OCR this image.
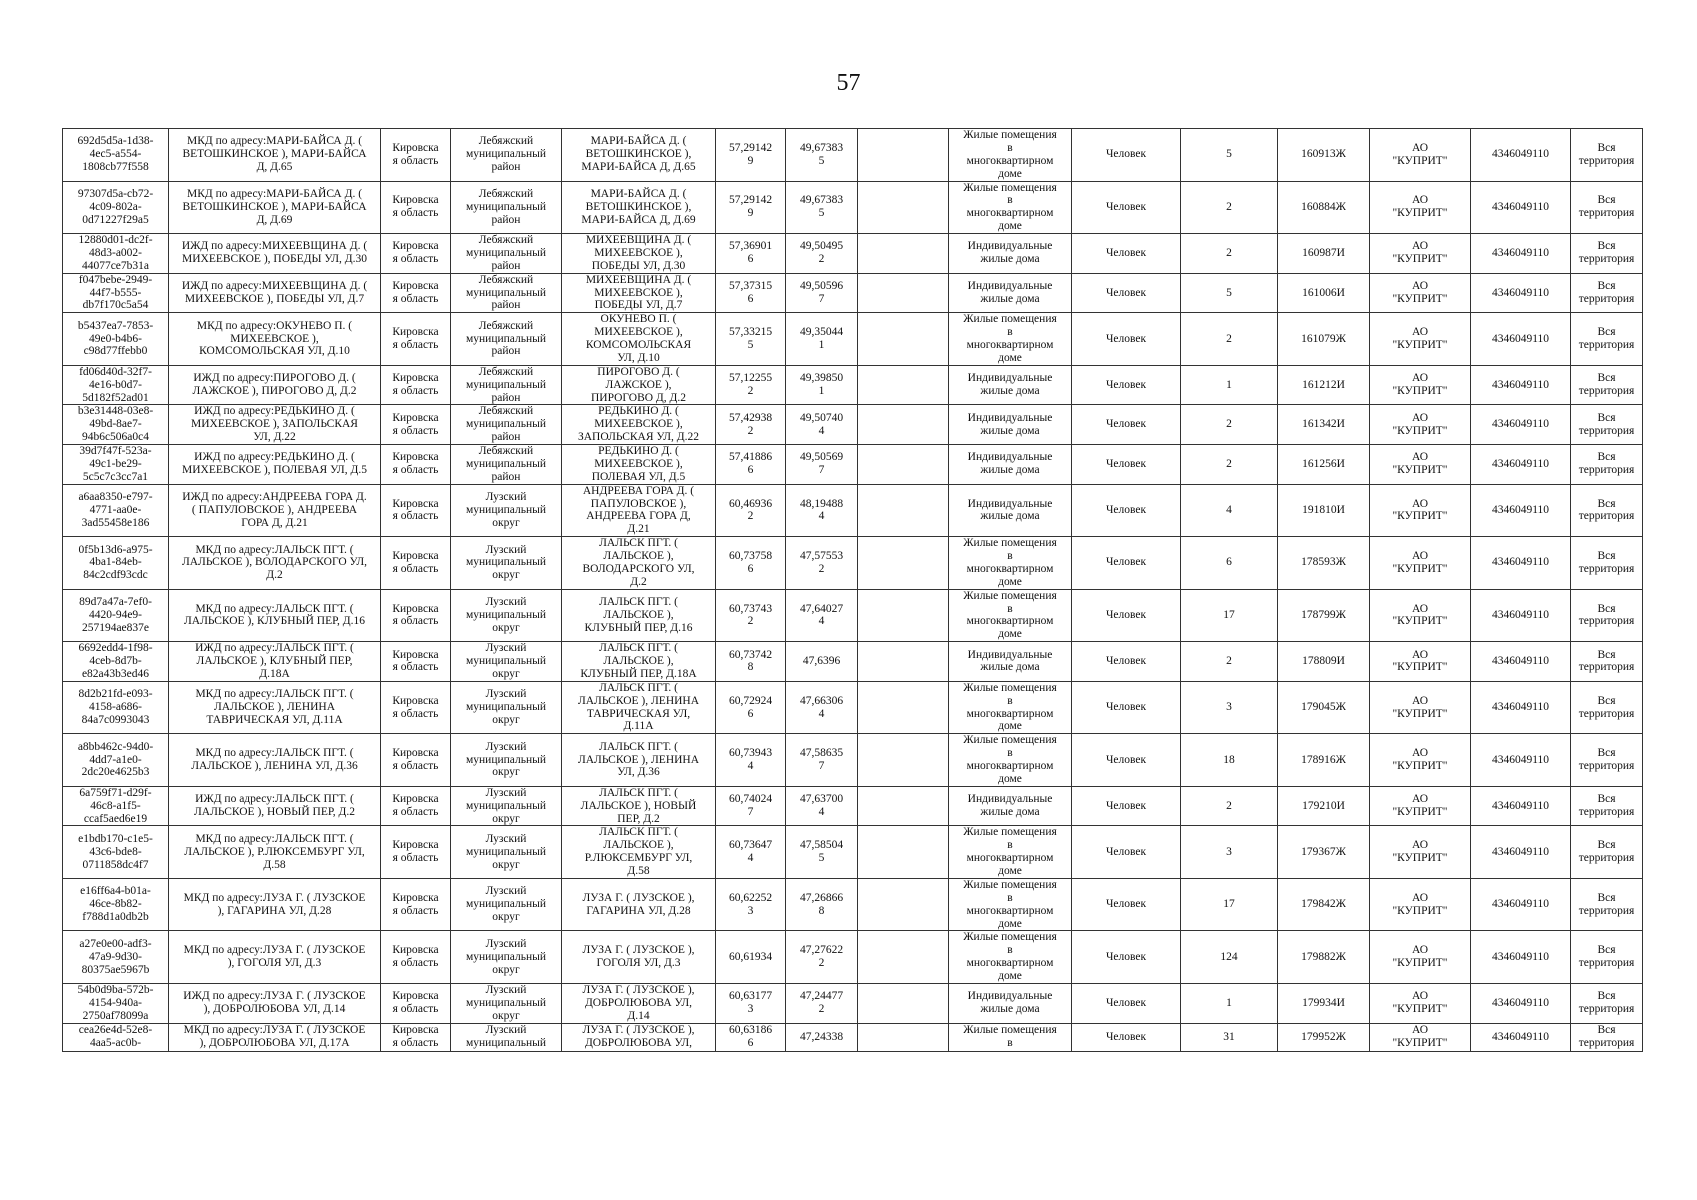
57
692d5d5a-1d38-
4ec5-a554-
1808cb77f558	МКД по адресу:МАРИ-БАЙСА Д. (
ВЕТОШКИНСКОЕ ), МАРИ-БАЙСА
Д, Д.65	Кировска
я область	Лебяжский
муниципальный
район	МАРИ-БАЙСА Д. (
ВЕТОШКИНСКОЕ ),
МАРИ-БАЙСА Д, Д.65	57,29142
9	49,67383
5		Жилые помещения
в
многоквартирном
доме	Человек	5	160913Ж	АО
"КУПРИТ"	4346049110	Вся
территория
97307d5a-cb72-
4c09-802a-
0d71227f29a5	МКД по адресу:МАРИ-БАЙСА Д. (
ВЕТОШКИНСКОЕ ), МАРИ-БАЙСА
Д, Д.69	Кировска
я область	Лебяжский
муниципальный
район	МАРИ-БАЙСА Д. (
ВЕТОШКИНСКОЕ ),
МАРИ-БАЙСА Д, Д.69	57,29142
9	49,67383
5		Жилые помещения
в
многоквартирном
доме	Человек	2	160884Ж	АО
"КУПРИТ"	4346049110	Вся
территория
12880d01-dc2f-
48d3-a002-
44077ce7b31a	ИЖД по адресу:МИХЕЕВЩИНА Д. (
МИХЕЕВСКОЕ ), ПОБЕДЫ УЛ, Д.30	Кировска
я область	Лебяжский
муниципальный
район	МИХЕЕВЩИНА Д. (
МИХЕЕВСКОЕ ),
ПОБЕДЫ УЛ, Д.30	57,36901
6	49,50495
2		Индивидуальные
жилые дома	Человек	2	160987И	АО
"КУПРИТ"	4346049110	Вся
территория
f047bebe-2949-
44f7-b555-
db7f170c5a54	ИЖД по адресу:МИХЕЕВЩИНА Д. (
МИХЕЕВСКОЕ ), ПОБЕДЫ УЛ, Д.7	Кировска
я область	Лебяжский
муниципальный
район	МИХЕЕВЩИНА Д. (
МИХЕЕВСКОЕ ),
ПОБЕДЫ УЛ, Д.7	57,37315
6	49,50596
7		Индивидуальные
жилые дома	Человек	5	161006И	АО
"КУПРИТ"	4346049110	Вся
территория
b5437ea7-7853-
49e0-b4b6-
c98d77ffebb0	МКД по адресу:ОКУНЕВО П. (
МИХЕЕВСКОЕ ),
КОМСОМОЛЬСКАЯ УЛ, Д.10	Кировска
я область	Лебяжский
муниципальный
район	ОКУНЕВО П. (
МИХЕЕВСКОЕ ),
КОМСОМОЛЬСКАЯ
УЛ, Д.10	57,33215
5	49,35044
1		Жилые помещения
в
многоквартирном
доме	Человек	2	161079Ж	АО
"КУПРИТ"	4346049110	Вся
территория
fd06d40d-32f7-
4e16-b0d7-
5d182f52ad01	ИЖД по адресу:ПИРОГОВО Д. (
ЛАЖСКОЕ ), ПИРОГОВО Д, Д.2	Кировска
я область	Лебяжский
муниципальный
район	ПИРОГОВО Д. (
ЛАЖСКОЕ ),
ПИРОГОВО Д, Д.2	57,12255
2	49,39850
1		Индивидуальные
жилые дома	Человек	1	161212И	АО
"КУПРИТ"	4346049110	Вся
территория
b3e31448-03e8-
49bd-8ae7-
94b6c506a0c4	ИЖД по адресу:РЕДЬКИНО Д. (
МИХЕЕВСКОЕ ), ЗАПОЛЬСКАЯ
УЛ, Д.22	Кировска
я область	Лебяжский
муниципальный
район	РЕДЬКИНО Д. (
МИХЕЕВСКОЕ ),
ЗАПОЛЬСКАЯ УЛ, Д.22	57,42938
2	49,50740
4		Индивидуальные
жилые дома	Человек	2	161342И	АО
"КУПРИТ"	4346049110	Вся
территория
39d7f47f-523a-
49c1-be29-
5c5c7c3cc7a1	ИЖД по адресу:РЕДЬКИНО Д. (
МИХЕЕВСКОЕ ), ПОЛЕВАЯ УЛ, Д.5	Кировска
я область	Лебяжский
муниципальный
район	РЕДЬКИНО Д. (
МИХЕЕВСКОЕ ),
ПОЛЕВАЯ УЛ, Д.5	57,41886
6	49,50569
7		Индивидуальные
жилые дома	Человек	2	161256И	АО
"КУПРИТ"	4346049110	Вся
территория
a6aa8350-e797-
4771-aa0e-
3ad55458e186	ИЖД по адресу:АНДРЕЕВА ГОРА Д.
( ПАПУЛОВСКОЕ ), АНДРЕЕВА
ГОРА Д, Д.21	Кировска
я область	Лузский
муниципальный
округ	АНДРЕЕВА ГОРА Д. (
ПАПУЛОВСКОЕ ),
АНДРЕЕВА ГОРА Д,
Д.21	60,46936
2	48,19488
4		Индивидуальные
жилые дома	Человек	4	191810И	АО
"КУПРИТ"	4346049110	Вся
территория
0f5b13d6-a975-
4ba1-84eb-
84c2cdf93cdc	МКД по адресу:ЛАЛЬСК ПГТ. (
ЛАЛЬСКОЕ ), ВОЛОДАРСКОГО УЛ,
Д.2	Кировска
я область	Лузский
муниципальный
округ	ЛАЛЬСК ПГТ. (
ЛАЛЬСКОЕ ),
ВОЛОДАРСКОГО УЛ,
Д.2	60,73758
6	47,57553
2		Жилые помещения
в
многоквартирном
доме	Человек	6	178593Ж	АО
"КУПРИТ"	4346049110	Вся
территория
89d7a47a-7ef0-
4420-94e9-
257194ae837e	МКД по адресу:ЛАЛЬСК ПГТ. (
ЛАЛЬСКОЕ ), КЛУБНЫЙ ПЕР, Д.16	Кировска
я область	Лузский
муниципальный
округ	ЛАЛЬСК ПГТ. (
ЛАЛЬСКОЕ ),
КЛУБНЫЙ ПЕР, Д.16	60,73743
2	47,64027
4		Жилые помещения
в
многоквартирном
доме	Человек	17	178799Ж	АО
"КУПРИТ"	4346049110	Вся
территория
6692edd4-1f98-
4ceb-8d7b-
e82a43b3ed46	ИЖД по адресу:ЛАЛЬСК ПГТ. (
ЛАЛЬСКОЕ ), КЛУБНЫЙ ПЕР,
Д.18А	Кировска
я область	Лузский
муниципальный
округ	ЛАЛЬСК ПГТ. (
ЛАЛЬСКОЕ ),
КЛУБНЫЙ ПЕР, Д.18А	60,73742
8	47,6396		Индивидуальные
жилые дома	Человек	2	178809И	АО
"КУПРИТ"	4346049110	Вся
территория
8d2b21fd-e093-
4158-a686-
84a7c0993043	МКД по адресу:ЛАЛЬСК ПГТ. (
ЛАЛЬСКОЕ ), ЛЕНИНА
ТАВРИЧЕСКАЯ УЛ, Д.11А	Кировска
я область	Лузский
муниципальный
округ	ЛАЛЬСК ПГТ. (
ЛАЛЬСКОЕ ), ЛЕНИНА
ТАВРИЧЕСКАЯ УЛ,
Д.11А	60,72924
6	47,66306
4		Жилые помещения
в
многоквартирном
доме	Человек	3	179045Ж	АО
"КУПРИТ"	4346049110	Вся
территория
a8bb462c-94d0-
4dd7-a1e0-
2dc20e4625b3	МКД по адресу:ЛАЛЬСК ПГТ. (
ЛАЛЬСКОЕ ), ЛЕНИНА УЛ, Д.36	Кировска
я область	Лузский
муниципальный
округ	ЛАЛЬСК ПГТ. (
ЛАЛЬСКОЕ ), ЛЕНИНА
УЛ, Д.36	60,73943
4	47,58635
7		Жилые помещения
в
многоквартирном
доме	Человек	18	178916Ж	АО
"КУПРИТ"	4346049110	Вся
территория
6a759f71-d29f-
46c8-a1f5-
ccaf5aed6e19	ИЖД по адресу:ЛАЛЬСК ПГТ. (
ЛАЛЬСКОЕ ), НОВЫЙ ПЕР, Д.2	Кировска
я область	Лузский
муниципальный
округ	ЛАЛЬСК ПГТ. (
ЛАЛЬСКОЕ ), НОВЫЙ
ПЕР, Д.2	60,74024
7	47,63700
4		Индивидуальные
жилые дома	Человек	2	179210И	АО
"КУПРИТ"	4346049110	Вся
территория
e1bdb170-c1e5-
43c6-bde8-
0711858dc4f7	МКД по адресу:ЛАЛЬСК ПГТ. (
ЛАЛЬСКОЕ ), Р.ЛЮКСЕМБУРГ УЛ,
Д.58	Кировска
я область	Лузский
муниципальный
округ	ЛАЛЬСК ПГТ. (
ЛАЛЬСКОЕ ),
Р.ЛЮКСЕМБУРГ УЛ,
Д.58	60,73647
4	47,58504
5		Жилые помещения
в
многоквартирном
доме	Человек	3	179367Ж	АО
"КУПРИТ"	4346049110	Вся
территория
e16ff6a4-b01a-
46ce-8b82-
f788d1a0db2b	МКД по адресу:ЛУЗА Г. ( ЛУЗСКОЕ
), ГАГАРИНА УЛ, Д.28	Кировска
я область	Лузский
муниципальный
округ	ЛУЗА Г. ( ЛУЗСКОЕ ),
ГАГАРИНА УЛ, Д.28	60,62252
3	47,26866
8		Жилые помещения
в
многоквартирном
доме	Человек	17	179842Ж	АО
"КУПРИТ"	4346049110	Вся
территория
a27e0e00-adf3-
47a9-9d30-
80375ae5967b	МКД по адресу:ЛУЗА Г. ( ЛУЗСКОЕ
), ГОГОЛЯ УЛ, Д.3	Кировска
я область	Лузский
муниципальный
округ	ЛУЗА Г. ( ЛУЗСКОЕ ),
ГОГОЛЯ УЛ, Д.3	60,61934	47,27622
2		Жилые помещения
в
многоквартирном
доме	Человек	124	179882Ж	АО
"КУПРИТ"	4346049110	Вся
территория
54b0d9ba-572b-
4154-940a-
2750af78099a	ИЖД по адресу:ЛУЗА Г. ( ЛУЗСКОЕ
), ДОБРОЛЮБОВА УЛ, Д.14	Кировска
я область	Лузский
муниципальный
округ	ЛУЗА Г. ( ЛУЗСКОЕ ),
ДОБРОЛЮБОВА УЛ,
Д.14	60,63177
3	47,24477
2		Индивидуальные
жилые дома	Человек	1	179934И	АО
"КУПРИТ"	4346049110	Вся
территория
cea26e4d-52e8-
4aa5-ac0b-	МКД по адресу:ЛУЗА Г. ( ЛУЗСКОЕ
), ДОБРОЛЮБОВА УЛ, Д.17А	Кировска
я область	Лузский
муниципальный	ЛУЗА Г. ( ЛУЗСКОЕ ),
ДОБРОЛЮБОВА УЛ,	60,63186
6	47,24338		Жилые помещения
в	Человек	31	179952Ж	АО
"КУПРИТ"	4346049110	Вся
территория
